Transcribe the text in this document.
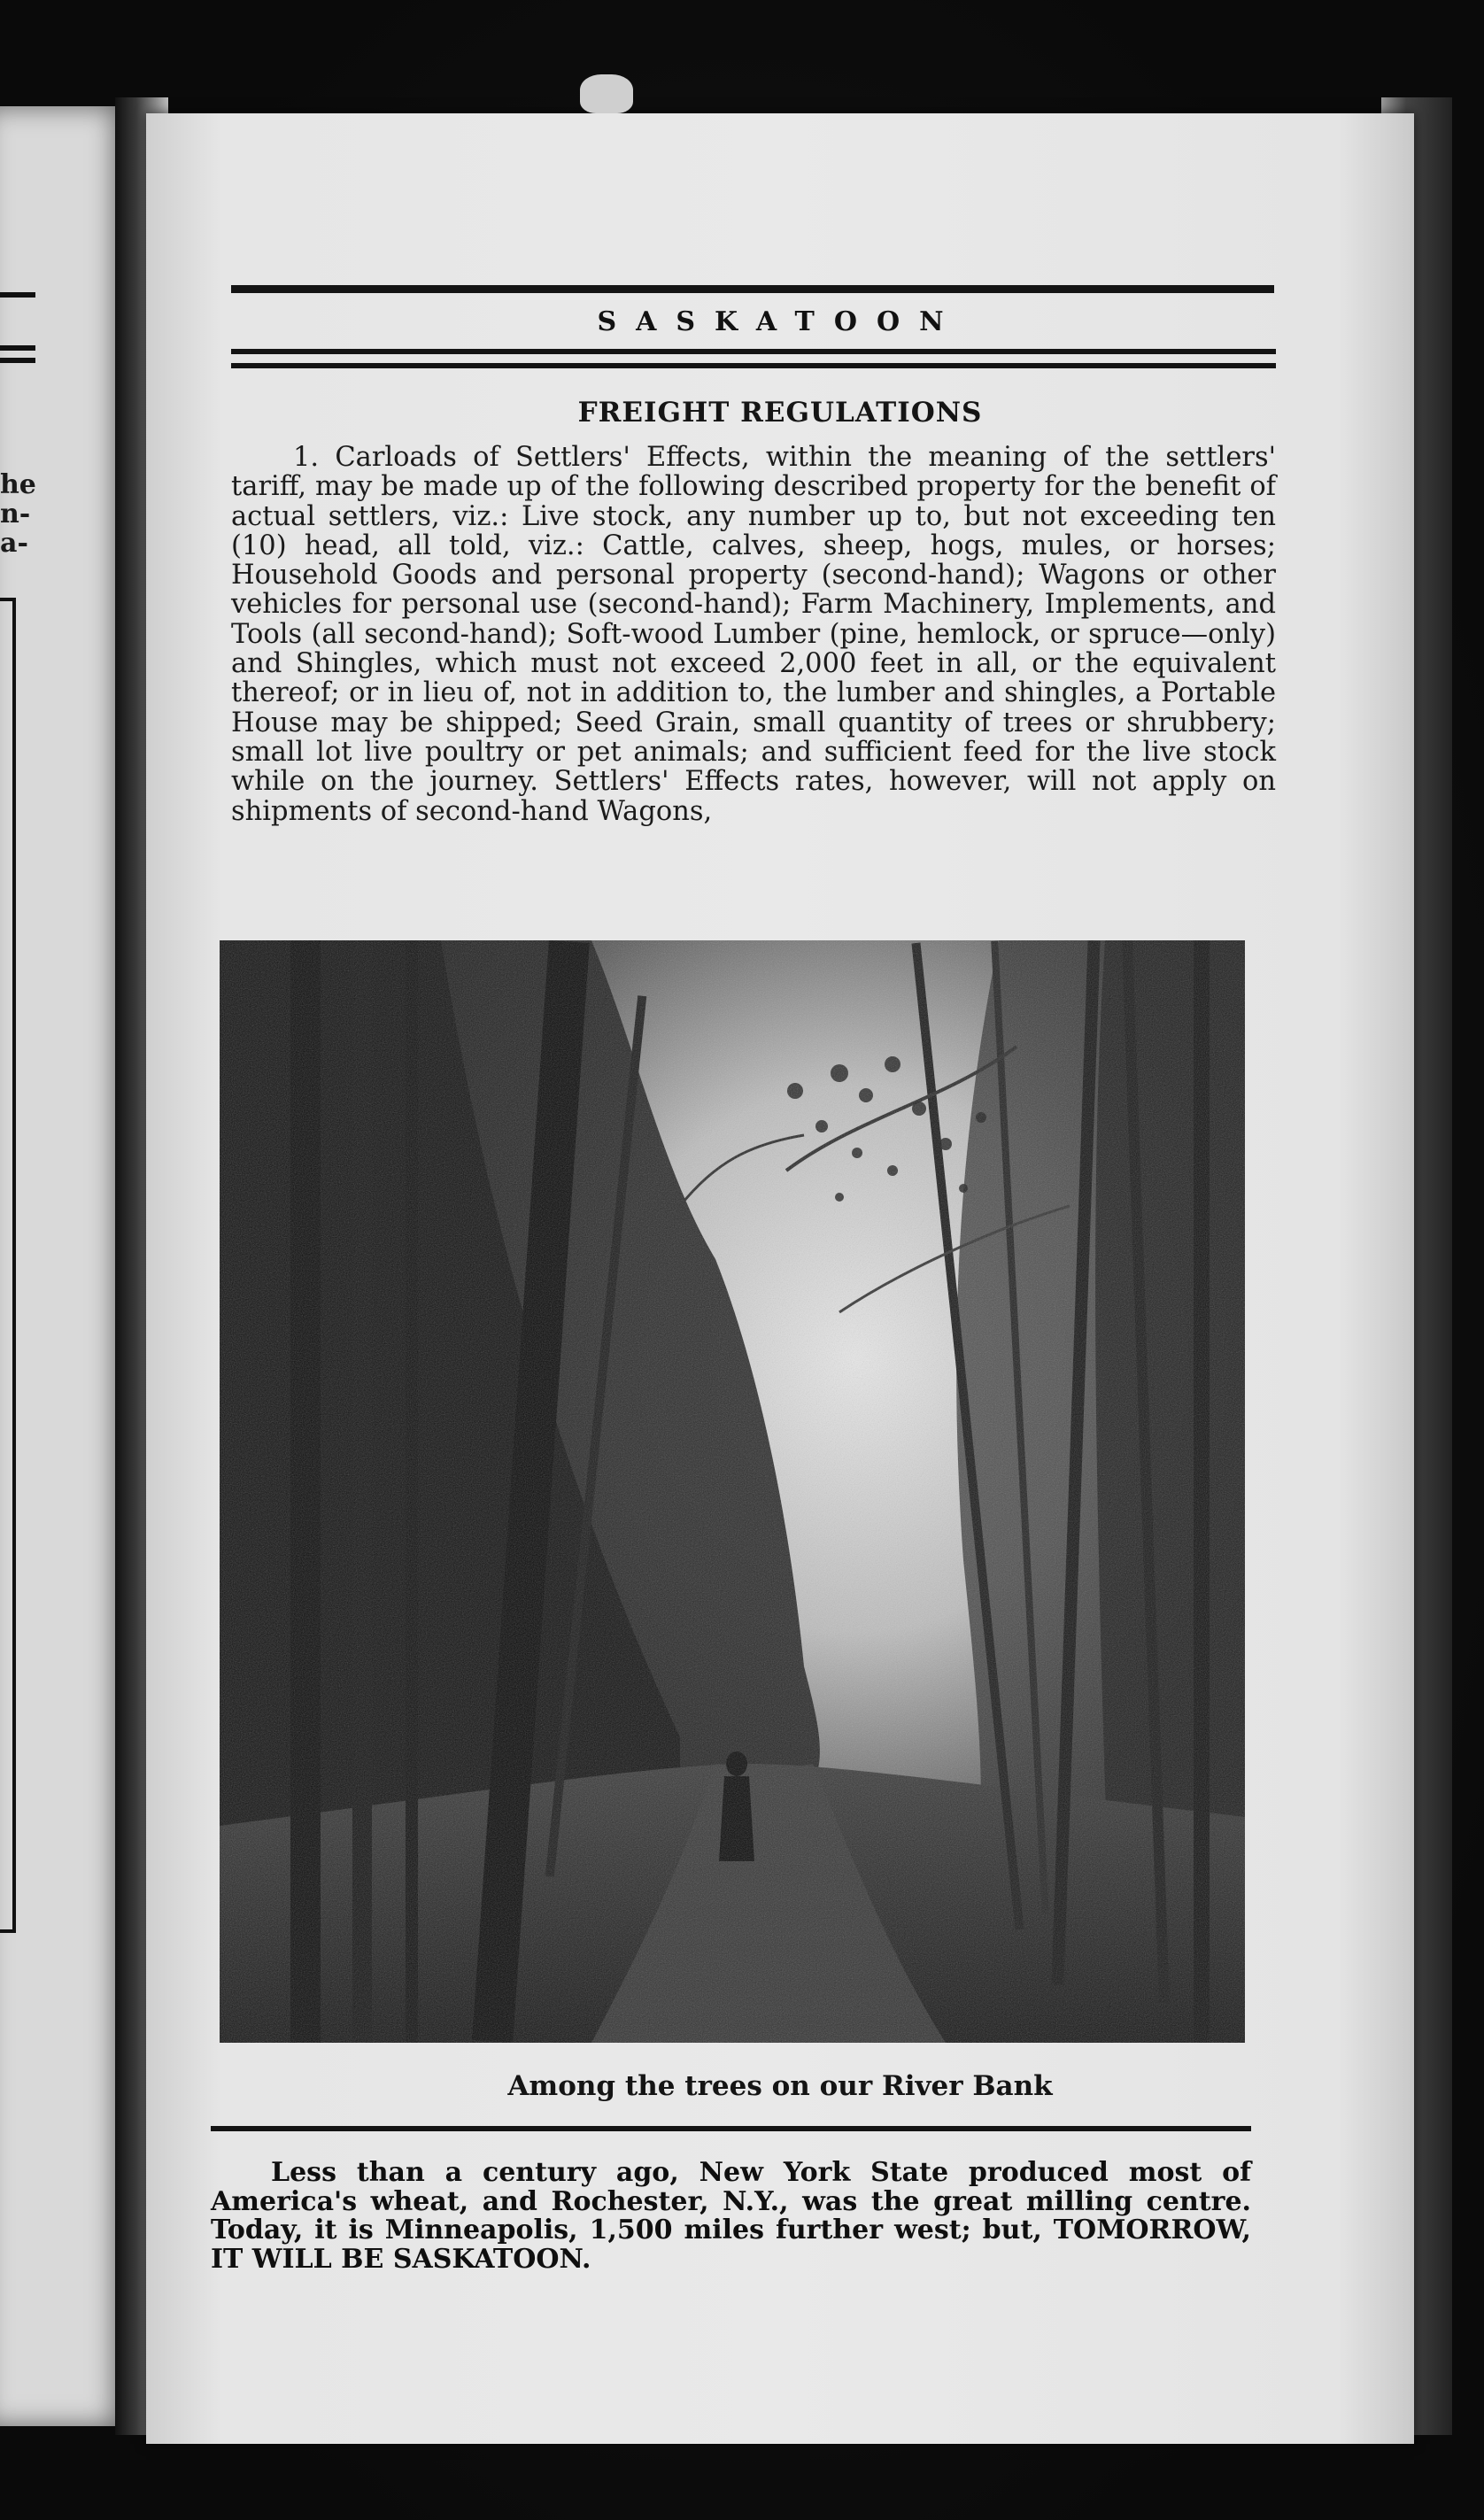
he
n-
a-
SASKATOON
FREIGHT REGULATIONS
1. Carloads of Settlers' Effects, within the meaning of the settlers' tariff, may be made up of the following described property for the benefit of actual settlers, viz.: Live stock, any number up to, but not exceeding ten (10) head, all told, viz.: Cattle, calves, sheep, hogs, mules, or horses; Household Goods and personal property (second-hand); Wagons or other vehicles for personal use (second-hand); Farm Machinery, Implements, and Tools (all second-hand); Soft-wood Lumber (pine, hemlock, or spruce—only) and Shingles, which must not exceed 2,000 feet in all, or the equivalent thereof; or in lieu of, not in addition to, the lumber and shingles, a Portable House may be shipped; Seed Grain, small quantity of trees or shrubbery; small lot live poultry or pet animals; and sufficient feed for the live stock while on the journey. Settlers' Effects rates, however, will not apply on shipments of second-hand Wagons,
Among the trees on our River Bank
Less than a century ago, New York State produced most of America's wheat, and Rochester, N.Y., was the great milling centre. Today, it is Minneapolis, 1,500 miles further west; but, TOMORROW, IT WILL BE SASKATOON.
